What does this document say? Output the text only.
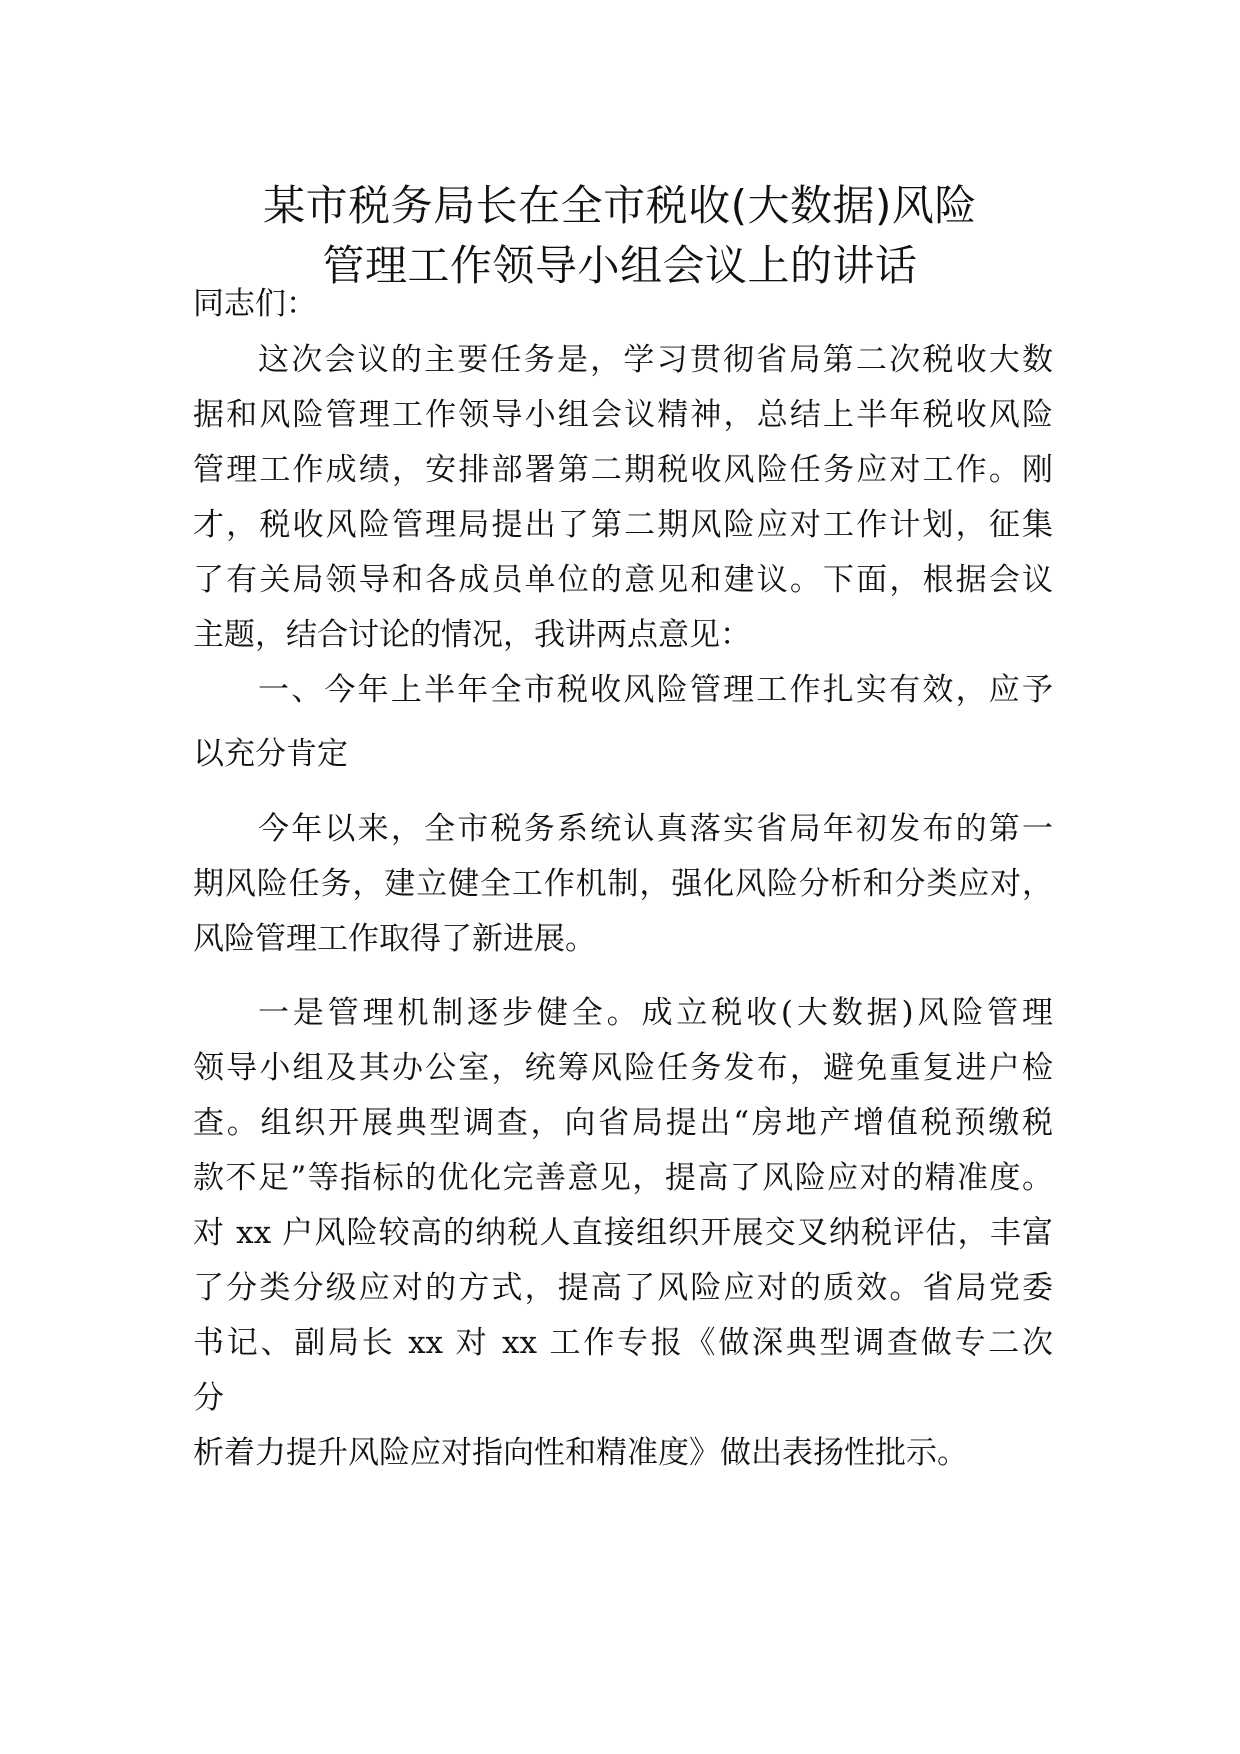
某市税务局长在全市税收(大数据)风险
管理工作领导小组会议上的讲话
同志们：
这次会议的主要任务是，学习贯彻省局第二次税收大数
据和风险管理工作领导小组会议精神，总结上半年税收风险
管理工作成绩，安排部署第二期税收风险任务应对工作。刚
才，税收风险管理局提出了第二期风险应对工作计划，征集
了有关局领导和各成员单位的意见和建议。下面，根据会议
主题，结合讨论的情况，我讲两点意见：
一、今年上半年全市税收风险管理工作扎实有效，应予
以充分肯定
今年以来，全市税务系统认真落实省局年初发布的第一
期风险任务，建立健全工作机制，强化风险分析和分类应对，
风险管理工作取得了新进展。
一是管理机制逐步健全。成立税收(大数据)风险管理
领导小组及其办公室，统筹风险任务发布，避免重复进户检
查。组织开展典型调查，向省局提出“房地产增值税预缴税
款不足”等指标的优化完善意见，提高了风险应对的精准度。
对 xx 户风险较高的纳税人直接组织开展交叉纳税评估，丰富
了分类分级应对的方式，提高了风险应对的质效。省局党委
书记、副局长 xx 对 xx 工作专报《做深典型调查做专二次
分
析着力提升风险应对指向性和精准度》做出表扬性批示。
